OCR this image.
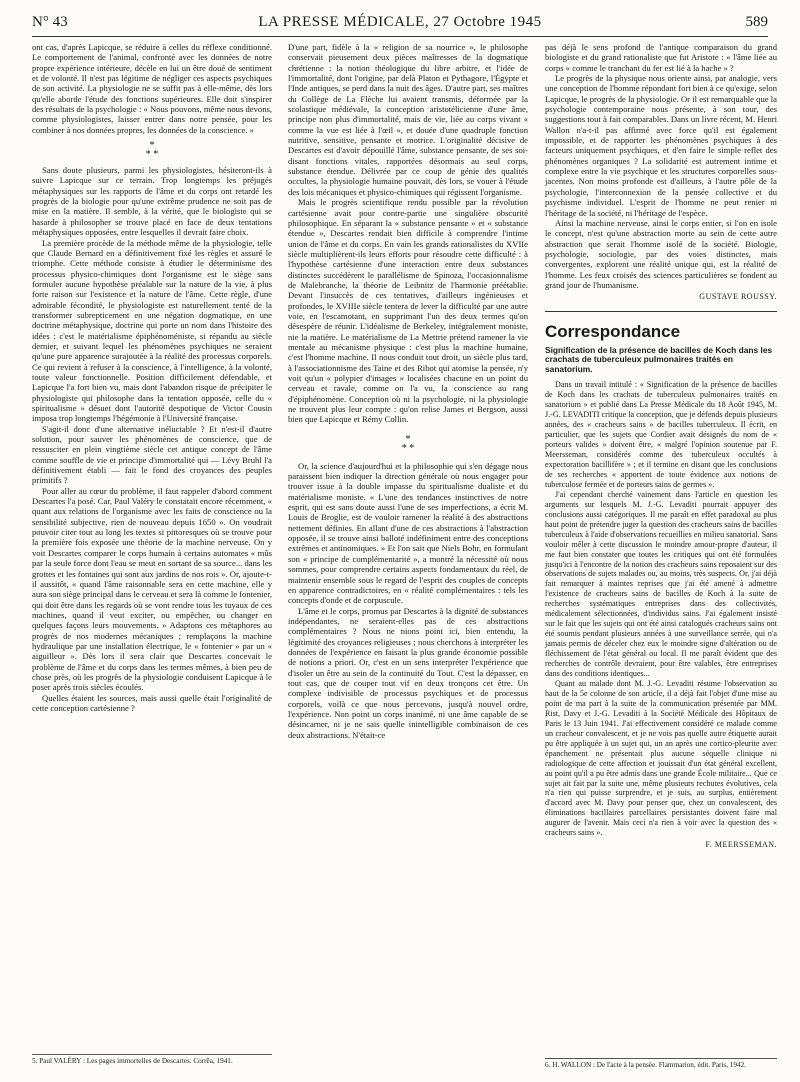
N° 43	LA PRESSE MÉDICALE, 27 Octobre 1945	589

ont cas, d'après Lapicque, se réduire à celles du réflexe conditionné. Le comportement de l'animal, confronté avec les données de notre propre expérience intérieure, décèle en lui un être doué de sentiment et de volonté. Il n'est pas légitime de négliger ces aspects psychiques de son activité. La physiologie ne se suffit pas à elle-même, dès lors qu'elle aborde l'étude des fonctions supérieures. Elle doit s'inspirer des résultats de la psychologie : « Nous pouvons, même nous devons, comme physiologistes, laisser entrer dans notre pensée, pour les combiner à nos données propres, les données de la conscience. »

*
* *

Sans doute plusieurs, parmi les physiologistes, hésiteront-ils à suivre Lapicque sur ce terrain. Trop longtemps les préjugés métaphysiques sur les rapports de l'âme et du corps ont retardé les progrès de la biologie pour qu'une extrême prudence ne soit pas de mise en la matière. Il semble, à la vérité, que le biologiste qui se hasarde à philosopher se trouve placé en face de deux tentations métaphysiques opposées, entre lesquelles il devrait faire choix.

La première procède de la méthode même de la physiologie, telle que Claude Bernard en a définitivement fixé les règles et assuré le triomphe. Cette méthode consiste à étudier le déterminisme des processus physico-chimiques dont l'organisme est le siège sans formuler aucune hypothèse préalable sur la nature de la vie, à plus forte raison sur l'existence et la nature de l'âme. Cette règle, d'une admirable fécondité, le physiologiste est naturellement tenté de la transformer subrepticement en une négation dogmatique, en une doctrine métaphysique, doctrine qui porte un nom dans l'histoire des idées : c'est le matérialisme épiphénoméniste, si répandu au siècle dernier, et suivant lequel les phénomènes psychiques ne seraient qu'une pure apparence surajoutée à la réalité des processus corporels. Ce qui revient à refuser à la conscience, à l'intelligence, à la volonté, toute valeur fonctionnelle. Position difficilement défendable, et Lapicque l'a fort bien vu, mais dont l'abandon risque de précipiter le physiologiste qui philosophe dans la tentation opposée, celle du « spiritualisme » désuet dont l'autorité despotique de Victor Cousin imposa trop longtemps l'hégémonie à l'Université française.

S'agit-il donc d'une alternative inéluctable ? Et n'est-il d'autre solution, pour sauver les phénomènes de conscience, que de ressusciter en plein vingtième siècle cet antique concept de l'âme comme souffle de vie et principe d'immortalité qui — Lévy Bruhl l'a définitivement établi — fait le fond des croyances des peuples primitifs ?

Pour aller au cœur du problème, il faut rappeler d'abord comment Descartes l'a posé. Car, Paul Valéry le constatait encore récemment, « quant aux relations de l'organisme avec les faits de conscience ou la sensibilité subjective, rien de nouveau depuis 1650 ». On voudrait pouvoir citer tout au long les textes si pittoresques où se trouve pour la première fois exposée une théorie de la machine nerveuse. On y voit Descartes comparer le corps humain à certains automates « mûs par la seule force dont l'eau se meut en sortant de sa source... dans les grottes et les fontaines qui sont aux jardins de nos rois ». Or, ajoute-t-il aussitôt, « quand l'âme raisonnable sera en cette machine, elle y aura son siège principal dans le cerveau et sera là comme le fontenier, qui doit être dans les regards où se vont rendre tous les tuyaux de ces machines, quand il veut exciter, ou empêcher, ou changer en quelques façons leurs mouvements. » Adaptons ces métaphores au progrès de nos modernes mécaniques ; remplaçons la machine hydraulique par une installation électrique, le « fontenier » par un « aiguilleur ». Dès lors il sera clair que Descartes concevait le problème de l'âme et du corps dans les termes mêmes, à bien peu de chose près, où les progrès de la physiologie conduisent Lapicque à le poser après trois siècles écoulés.

Quelles étaient les sources, mais aussi quelle était l'originalité de cette conception cartésienne ?

D'une part, fidèle à la « religion de sa nourrice », le philosophe conservait pieusement deux pièces maîtresses de la dogmatique chrétienne : la notion théologique du libre arbitre, et l'idée de l'immortalité, dont l'origine, par delà Platon et Pythagore, l'Égypte et l'Inde antiques, se perd dans la nuit des âges. D'autre part, ses maîtres du Collège de La Flèche lui avaient transmis, déformée par la scolastique médiévale, la conception aristotélicienne d'une âme, principe non plus d'immortalité, mais de vie, liée au corps vivant « comme la vue est liée à l'œil », et douée d'une quadruple fonction nutritive, sensitive, pensante et motrice. L'originalité décisive de Descartes est d'avoir dépouillé l'âme, substance pensante, de ses soi-disant fonctions vitales, rapportées désormais au seul corps, substance étendue. Délivrée par ce coup de génie des qualités occultes, la physiologie humaine pouvait, dès lors, se vouer à l'étude des lois mécaniques et physico-chimiques qui régissent l'organisme.

Mais le progrès scientifique rendu possible par la révolution cartésienne avait pour contre-partie une singulière obscurité philosophique. En séparant la « substance pensante » et « substance étendue », Descartes rendait bien difficile à comprendre l'intime union de l'âme et du corps. En vain les grands rationalistes du XVIIe siècle multiplièrent-ils leurs efforts pour résoudre cette difficulté : à l'hypothèse cartésienne d'une interaction entre deux substances distinctes succédèrent le parallélisme de Spinoza, l'occasionnalisme de Malebranche, la théorie de Leibnitz de l'harmonie préétablie. Devant l'insuccès de ces tentatives, d'ailleurs ingénieuses et profondes, le XVIIIe siècle tentera de lever la difficulté par une autre voie, en l'escamotant, en supprimant l'un des deux termes qu'on désespère de réunir. L'idéalisme de Berkeley, intégralement moniste, nie la matière. Le matérialisme de La Mettrie prétend ramener la vie mentale au mécanisme physique : c'est plus la machine humaine, c'est l'homme machine. Il nous conduit tout droit, un siècle plus tard, à l'associationnisme des Taine et des Ribot qui atomise la pensée, n'y voit qu'un « polypier d'images » localisées chacune en un point du cerveau et ravale, comme on l'a vu, la conscience au rang d'épiphénomène. Conception où ni la psychologie, ni la physiologie ne trouvent plus leur compte : qu'on relise James et Bergson, aussi bien que Lapicque et Rémy Collin.

*
* *

Or, la science d'aujourd'hui et la philosophie qui s'en dégage nous paraissent bien indiquer la direction générale où nous engager pour trouver issue à la double impasse du spiritualisme dualiste et du matérialisme moniste. « L'une des tendances instinctives de notre esprit, qui est sans doute aussi l'une de ses imperfections, a écrit M. Louis de Broglie, est de vouloir ramener la réalité à des abstractions nettement définies. En allant d'une de ces abstractions à l'abstraction opposée, il se trouve ainsi balloté indéfiniment entre des conceptions extrêmes et antinomiques. » Et l'on sait que Niels Bohr, en formulant son « principe de complémentarité », a montré la nécessité où nous sommes, pour comprendre certains aspects fondamentaux du réel, de maintenir ensemble sous le regard de l'esprit des couples de concepts en apparence contradictoires, en « réalité complémentaires : tels les concepts d'onde et de corpuscule.

L'âme et le corps, promus par Descartes à la dignité de substances indépendantes, ne seraient-elles pas de ces abstractions complémentaires ? Nous ne nions point ici, bien entendu, la légitimité des croyances religieuses ; nous cherchons à interpréter les données de l'expérience en faisant la plus grande économie possible de notions a priori. Or, c'est en un sens interpréter l'expérience que d'isoler un être au sein de la continuité du Tout. C'est la dépasser, en tout cas, que de couper tout vif en deux tronçons cet être. Un complexe indivisible de processus psychiques et de processus corporels, voilà ce que nous percevons, jusqu'à nouvel ordre, l'expérience. Non point un corps inanimé, ni une âme capable de se désincarner, ni je ne sais quelle inintelligible combinaison de ces deux abstractions. N'était-ce

pas déjà le sens profond de l'antique comparaison du grand biologiste et du grand rationaliste que fut Aristote : « l'âme liée au corps « comme le tranchant du fer est lié à la hache » ?

Le progrès de la physique nous oriente ainsi, par analogie, vers une conception de l'homme répondant fort bien à ce qu'exige, selon Lapicque, le progrès de la physiologie. Or il est remarquable que la psychologie contemporaine nous présente, à son tour, des suggestions tout à fait comparables. Dans un livre récent, M. Henri Wallon n'a-t-il pas affirmé avec force qu'il est également impossible, et de rapporter les phénomènes psychiques à des facteurs uniquement psychiques, et d'en faire le simple reflet des phénomènes organiques ? La solidarité est autrement intime et complexe entre la vie psychique et les structures corporelles sous-jacentes. Non moins profonde est d'ailleurs, à l'autre pôle de la psychologie, l'interconnexion de la pensée collective et du psychisme individuel. L'esprit de l'homme ne peut renier ni l'héritage de la société, ni l'héritage de l'espèce.

Ainsi la machine nerveuse, ainsi le corps entier, si l'on en isole le concept, n'est qu'une abstraction morte au sein de cette autre abstraction que serait l'homme isolé de la société. Biologie, psychologie, sociologie, par des voies distinctes, mais convergentes, explorent une réalité unique qui, est la réalité de l'homme. Les feux croisés des sciences particulières se fondent au grand jour de l'humanisme.

GUSTAVE ROUSSY.
Correspondance
Signification de la présence de bacilles de Koch dans les crachats de tuberculeux pulmonaires traités en sanatorium.

Dans un travail intitulé : « Signification de la présence de bacilles de Koch dans les crachats de tuberculeux pulmonaires traités en sanatorium » et publié dans La Presse Médicale du 18 Août 1945, M. J.-G. LEVADITI critique la conception, que je défends depuis plusieurs années, des « cracheurs sains » de bacilles tuberculeux. Il écrit, en particulier, que les sujets que Cordier avait désignés du nom de « porteurs valides » doivent être, « malgré l'opinion soutenue par F. Meersseman, considérés comme des tuberculeux occultés à expectoration bacillifère » ; et il termine en disant que les conclusions de ses recherches « apportent de toute évidence aux notions de tuberculose fermée et de porteurs sains de germes ».

J'ai cependant cherché vainement dans l'article en question les arguments sur lesquels M. J.-G. Levaditi pourrait appuyer des conclusions aussi catégoriques. Il me paraît en effet paradoxal au plus haut point de prétendre juger la question des cracheurs sains de bacilles tuberculeux à l'aide d'observations recueillies en milieu sanatorial. Sans vouloir mêler à cette discussion le moindre amour-propre d'auteur, il me faut bien constater que toutes les critiques qui ont été formulées jusqu'ici à l'encontre de la notion des cracheurs sains reposaient sur des observations de sujets malades ou, au moins, très suspects. Or, j'ai déjà fait remarquer à maintes reprises que j'ai été amené à admettre l'existence de cracheurs sains de bacilles de Koch à la suite de recherches systématiques entreprises dans des collectivités, médicalement sélectionnées, d'individus sains. J'ai également insisté sur le fait que les sujets qui ont été ainsi catalogués cracheurs sains ont été soumis pendant plusieurs années à une surveillance serrée, qui n'a jamais permis de déceler chez eux le moindre signe d'altération ou de fléchissement de l'état général ou local. Il me paraît évident que des recherches de contrôle devraient, pour être valables, être entreprises dans des conditions identiques...

Quant au malade dont M. J.-G. Levaditi résume l'observation au haut de la 5e colonne de son article, il a déjà fait l'objet d'une mise au point de ma part à la suite de la communication présentée par MM. Rist, Davy et J.-G. Levaditi à la Société Médicale des Hôpitaux de Paris le 13 Juin 1941. J'ai effectivement considéré ce malade comme un cracheur convalescent, et je ne vois pas quelle autre étiquette aurait pu être appliquée à un sujet qui, un an après une cortico-pleurite avec épanchement ne présentait plus aucune séquelle clinique ni radiologique de cette affection et jouissait d'un état général excellent, au point qu'il a pu être admis dans une grande École militaire... Que ce sujet ait fait par la suite une, même plusieurs rechutes évolutives, cela n'a rien qui puisse surprendre, et je suis, au surplus, entièrement d'accord avec M. Davy pour penser que, chez un convalescent, des éliminations bacillaires parcellaires persistantes doivent faire mal augurer de l'avenir. Mais ceci n'a rien à voir avec la question des « cracheurs sains ».

F. MEERSSEMAN.
5. Paul VALÉRY : Les pages immortelles de Descartes. Corrêa, 1941.	6. H. WALLON : De l'acte à la pensée. Flammarion, édit. Paris, 1942.
